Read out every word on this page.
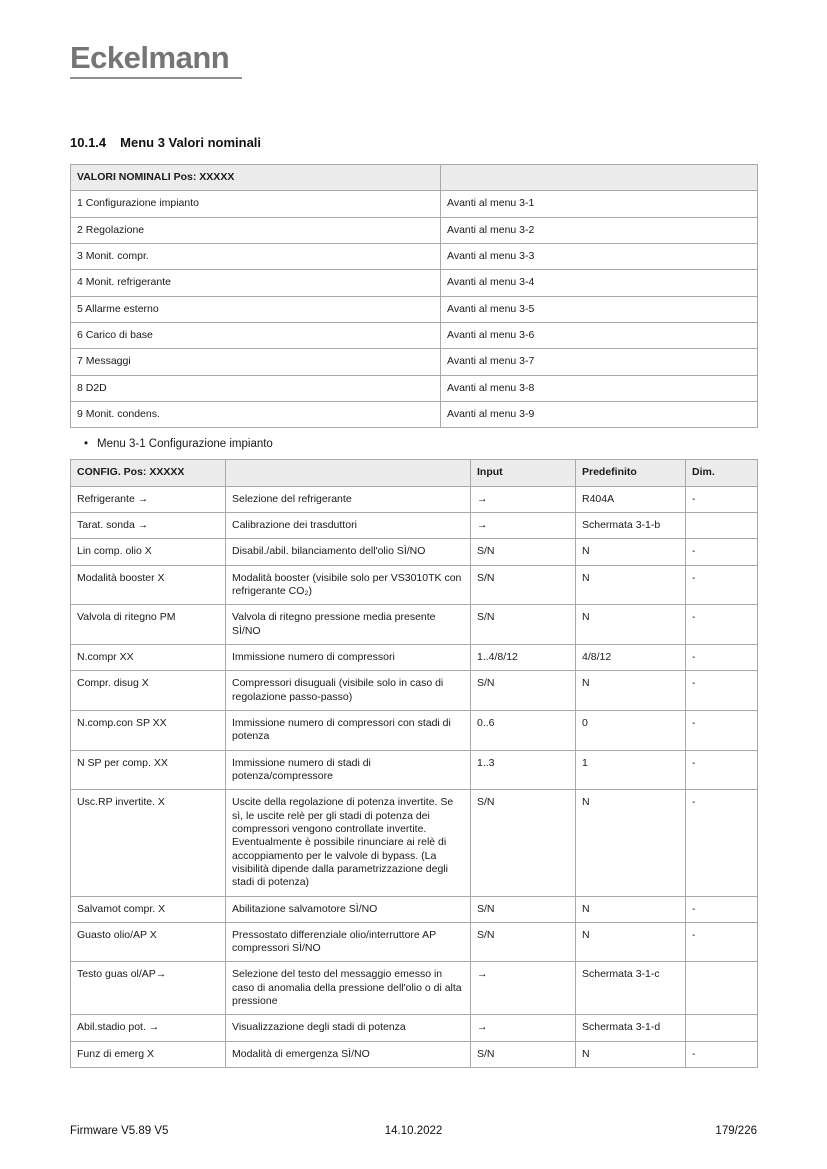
Eckelmann
10.1.4 Menu 3 Valori nominali
VALORI NOMINALI Pos: XXXXX	
1 Configurazione impianto	Avanti al menu 3-1
2 Regolazione	Avanti al menu 3-2
3 Monit. compr.	Avanti al menu 3-3
4 Monit. refrigerante	Avanti al menu 3-4
5 Allarme esterno	Avanti al menu 3-5
6 Carico di base	Avanti al menu 3-6
7 Messaggi	Avanti al menu 3-7
8 D2D	Avanti al menu 3-8
9 Monit. condens.	Avanti al menu 3-9
• Menu 3-1 Configurazione impianto
CONFIG. Pos: XXXXX		Input	Predefinito	Dim.
Refrigerante →	Selezione del refrigerante	→	R404A	-
Tarat. sonda →	Calibrazione dei trasduttori	→	Schermata 3-1-b	
Lin comp. olio X	Disabil./abil. bilanciamento dell'olio SÌ/NO	S/N	N	-
Modalità booster X	Modalità booster (visibile solo per VS3010TK con refrigerante CO₂)	S/N	N	-
Valvola di ritegno PM	Valvola di ritegno pressione media presente SÌ/NO	S/N	N	-
N.compr XX	Immissione numero di compressori	1..4/8/12	4/8/12	-
Compr. disug X	Compressori disuguali (visibile solo in caso di regolazione passo-passo)	S/N	N	-
N.comp.con SP XX	Immissione numero di compressori con stadi di potenza	0..6	0	-
N SP per comp. XX	Immissione numero di stadi di potenza/compressore	1..3	1	-
Usc.RP invertite. X	Uscite della regolazione di potenza invertite. Se sì, le uscite relè per gli stadi di potenza dei compressori vengono controllate invertite. Eventualmente è possibile rinunciare ai relè di accoppiamento per le valvole di bypass. (La visibilità dipende dalla parametrizzazione degli stadi di potenza)	S/N	N	-
Salvamot compr. X	Abilitazione salvamotore SÌ/NO	S/N	N	-
Guasto olio/AP X	Pressostato differenziale olio/interruttore AP compressori SÌ/NO	S/N	N	-
Testo guas ol/AP→	Selezione del testo del messaggio emesso in caso di anomalia della pressione dell'olio o di alta pressione	→	Schermata 3-1-c	
Abil.stadio pot. →	Visualizzazione degli stadi di potenza	→	Schermata 3-1-d	
Funz di emerg X	Modalità di emergenza SÌ/NO	S/N	N	-
Firmware V5.89 V5	14.10.2022	179/226
